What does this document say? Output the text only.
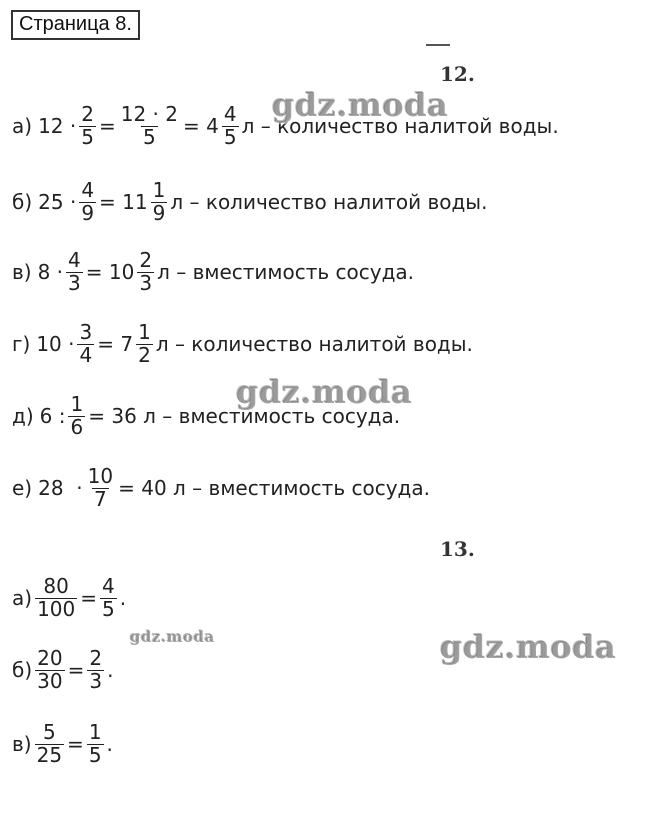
Страница 8.
12.
а) $12 \cdot \frac{2}{5} = \frac{12 \cdot 2}{5} = 4 \frac{4}{5}$ л – количество налитой воды.
б) $25 \cdot \frac{4}{9} = 11 \frac{1}{9}$ л – количество налитой воды.
в) $8 \cdot \frac{4}{3} = 10 \frac{2}{3}$ л – вместимость сосуда.
г) $10 \cdot \frac{3}{4} = 7 \frac{1}{2}$ л – количество налитой воды.
д) 6 : $\frac{1}{6} = 36$
л – вместимость сосуда.
е) $28 \cdot \frac{10}{7} = 40$
л – вместимость сосуда.
13.
$а) \frac{80}{100} = \frac{4}{5}$ .
$б) \frac{20}{30} = \frac{2}{3}$ .
$в) \frac{5}{25} = \frac{1}{5}$ .
gdz.moda
gdz.moda
gdz.moda	gdz.moda
